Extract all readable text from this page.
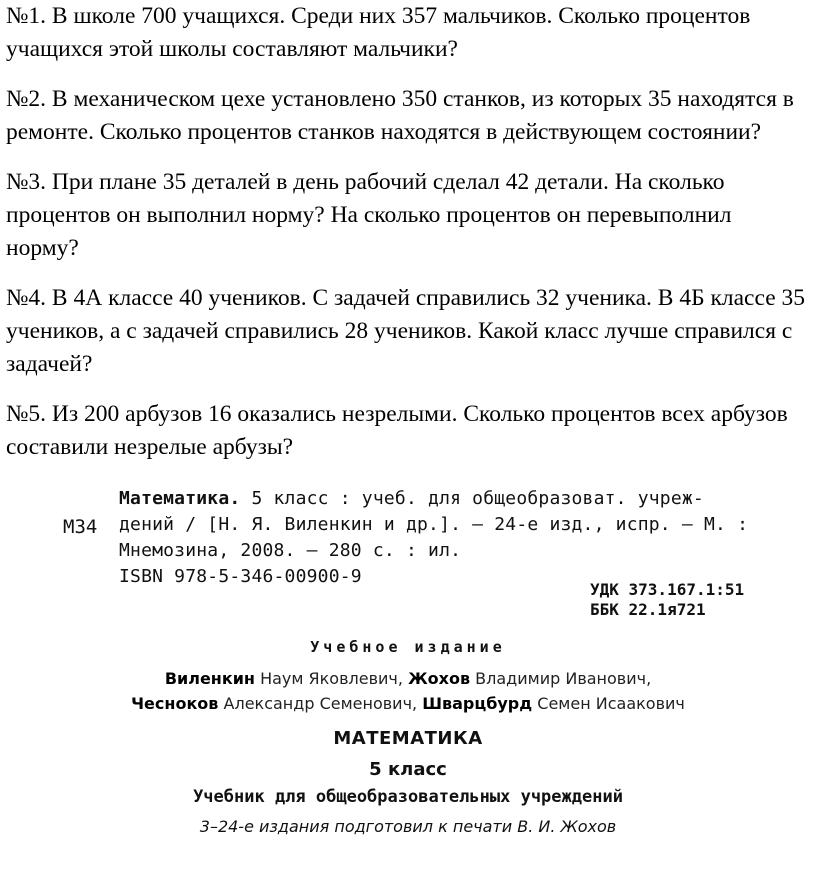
№1. В школе 700 учащихся. Среди них 357 мальчиков. Сколько процентов учащихся этой школы составляют мальчики?

№2. В механическом цехе установлено 350 станков, из которых 35 находятся в ремонте. Сколько процентов станков находятся в действующем состоянии?

№3. При плане 35 деталей в день рабочий сделал 42 детали. На сколько процентов он выполнил норму? На сколько процентов он перевыполнил норму?

№4. В 4А классе 40 учеников. С задачей справились 32 ученика. В 4Б классе 35 учеников, а с задачей справились 28 учеников. Какой класс лучше справился с задачей?

№5. Из 200 арбузов 16 оказались незрелыми. Сколько процентов всех арбузов составили незрелые арбузы?

М34
Математика. 5 класс : учеб. для общеобразоват. учреж-
дений / [Н. Я. Виленкин и др.]. — 24-е изд., испр. — М. :
Мнемозина, 2008. — 280 с. : ил.
ISBN 978-5-346-00900-9
УДК 373.167.1:51
ББК 22.1я721
Учебное издание
Виленкин Наум Яковлевич, Жохов Владимир Иванович,
Чесноков Александр Семенович, Шварцбурд Семен Исаакович
МАТЕМАТИКА
5 класс
Учебник для общеобразовательных учреждений
3–24-е издания подготовил к печати В. И. Жохов
